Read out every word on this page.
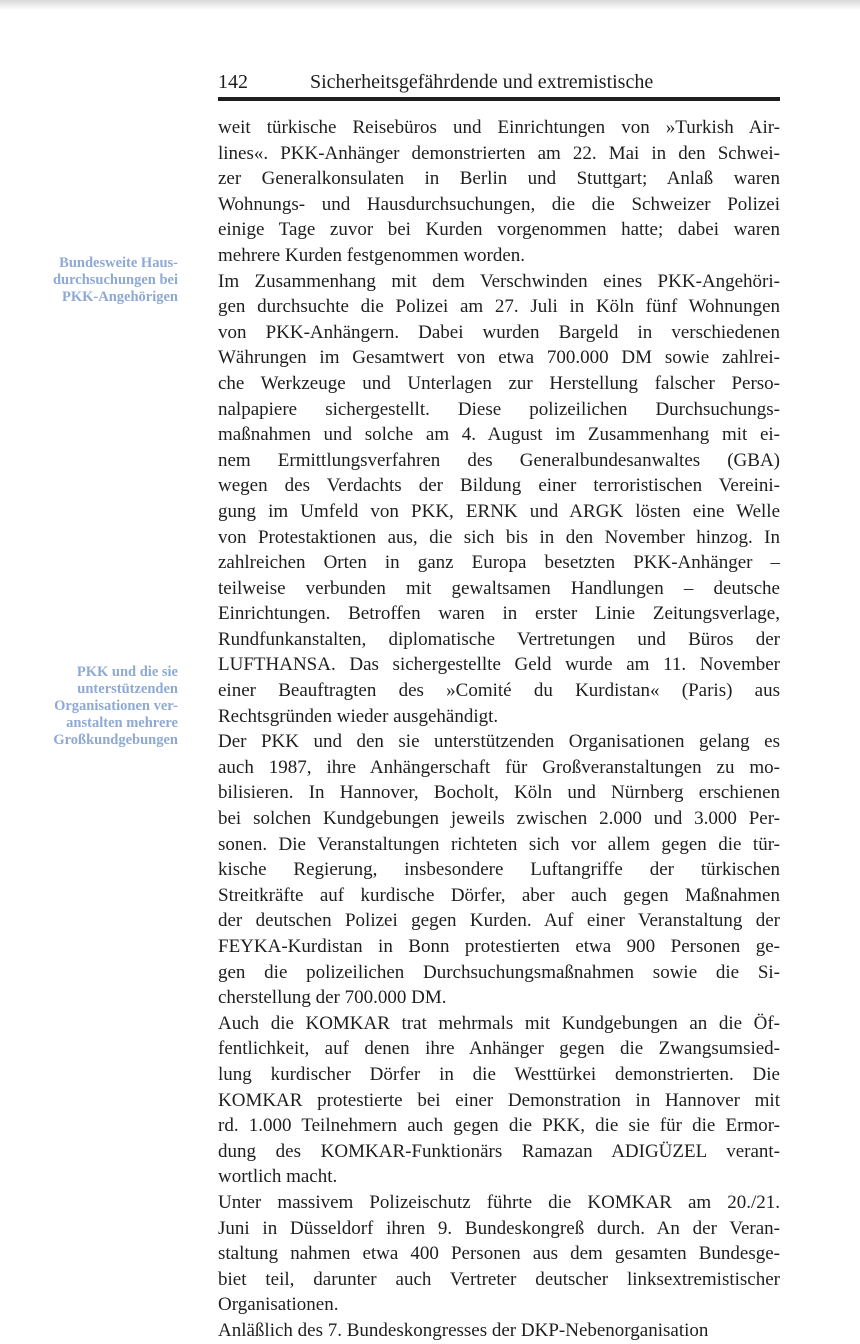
142	Sicherheitsgefährdende und extremistische
Bundesweite Haus-
durchsuchungen bei
PKK-Angehörigen
PKK und die sie
unterstützenden
Organisationen ver-
anstalten mehrere
Großkundgebungen
weit türkische Reisebüros und Einrichtungen von »Turkish Air-
lines«. PKK-Anhänger demonstrierten am 22. Mai in den Schwei-
zer Generalkonsulaten in Berlin und Stuttgart; Anlaß waren
Wohnungs- und Hausdurchsuchungen, die die Schweizer Polizei
einige Tage zuvor bei Kurden vorgenommen hatte; dabei waren
mehrere Kurden festgenommen worden.
Im Zusammenhang mit dem Verschwinden eines PKK-Angehöri-
gen durchsuchte die Polizei am 27. Juli in Köln fünf Wohnungen
von PKK-Anhängern. Dabei wurden Bargeld in verschiedenen
Währungen im Gesamtwert von etwa 700.000 DM sowie zahlrei-
che Werkzeuge und Unterlagen zur Herstellung falscher Perso-
nalpapiere sichergestellt. Diese polizeilichen Durchsuchungs-
maßnahmen und solche am 4. August im Zusammenhang mit ei-
nem Ermittlungsverfahren des Generalbundesanwaltes (GBA)
wegen des Verdachts der Bildung einer terroristischen Vereini-
gung im Umfeld von PKK, ERNK und ARGK lösten eine Welle
von Protestaktionen aus, die sich bis in den November hinzog. In
zahlreichen Orten in ganz Europa besetzten PKK-Anhänger –
teilweise verbunden mit gewaltsamen Handlungen – deutsche
Einrichtungen. Betroffen waren in erster Linie Zeitungsverlage,
Rundfunkanstalten, diplomatische Vertretungen und Büros der
LUFTHANSA. Das sichergestellte Geld wurde am 11. November
einer Beauftragten des »Comité du Kurdistan« (Paris) aus
Rechtsgründen wieder ausgehändigt.
Der PKK und den sie unterstützenden Organisationen gelang es
auch 1987, ihre Anhängerschaft für Großveranstaltungen zu mo-
bilisieren. In Hannover, Bocholt, Köln und Nürnberg erschienen
bei solchen Kundgebungen jeweils zwischen 2.000 und 3.000 Per-
sonen. Die Veranstaltungen richteten sich vor allem gegen die tür-
kische Regierung, insbesondere Luftangriffe der türkischen
Streitkräfte auf kurdische Dörfer, aber auch gegen Maßnahmen
der deutschen Polizei gegen Kurden. Auf einer Veranstaltung der
FEYKA-Kurdistan in Bonn protestierten etwa 900 Personen ge-
gen die polizeilichen Durchsuchungsmaßnahmen sowie die Si-
cherstellung der 700.000 DM.
Auch die KOMKAR trat mehrmals mit Kundgebungen an die Öf-
fentlichkeit, auf denen ihre Anhänger gegen die Zwangsumsied-
lung kurdischer Dörfer in die Westtürkei demonstrierten. Die
KOMKAR protestierte bei einer Demonstration in Hannover mit
rd. 1.000 Teilnehmern auch gegen die PKK, die sie für die Ermor-
dung des KOMKAR-Funktionärs Ramazan ADIGÜZEL verant-
wortlich macht.
Unter massivem Polizeischutz führte die KOMKAR am 20./21.
Juni in Düsseldorf ihren 9. Bundeskongreß durch. An der Veran-
staltung nahmen etwa 400 Personen aus dem gesamten Bundesge-
biet teil, darunter auch Vertreter deutscher linksextremistischer
Organisationen.
Anläßlich des 7. Bundeskongresses der DKP-Nebenorganisation
